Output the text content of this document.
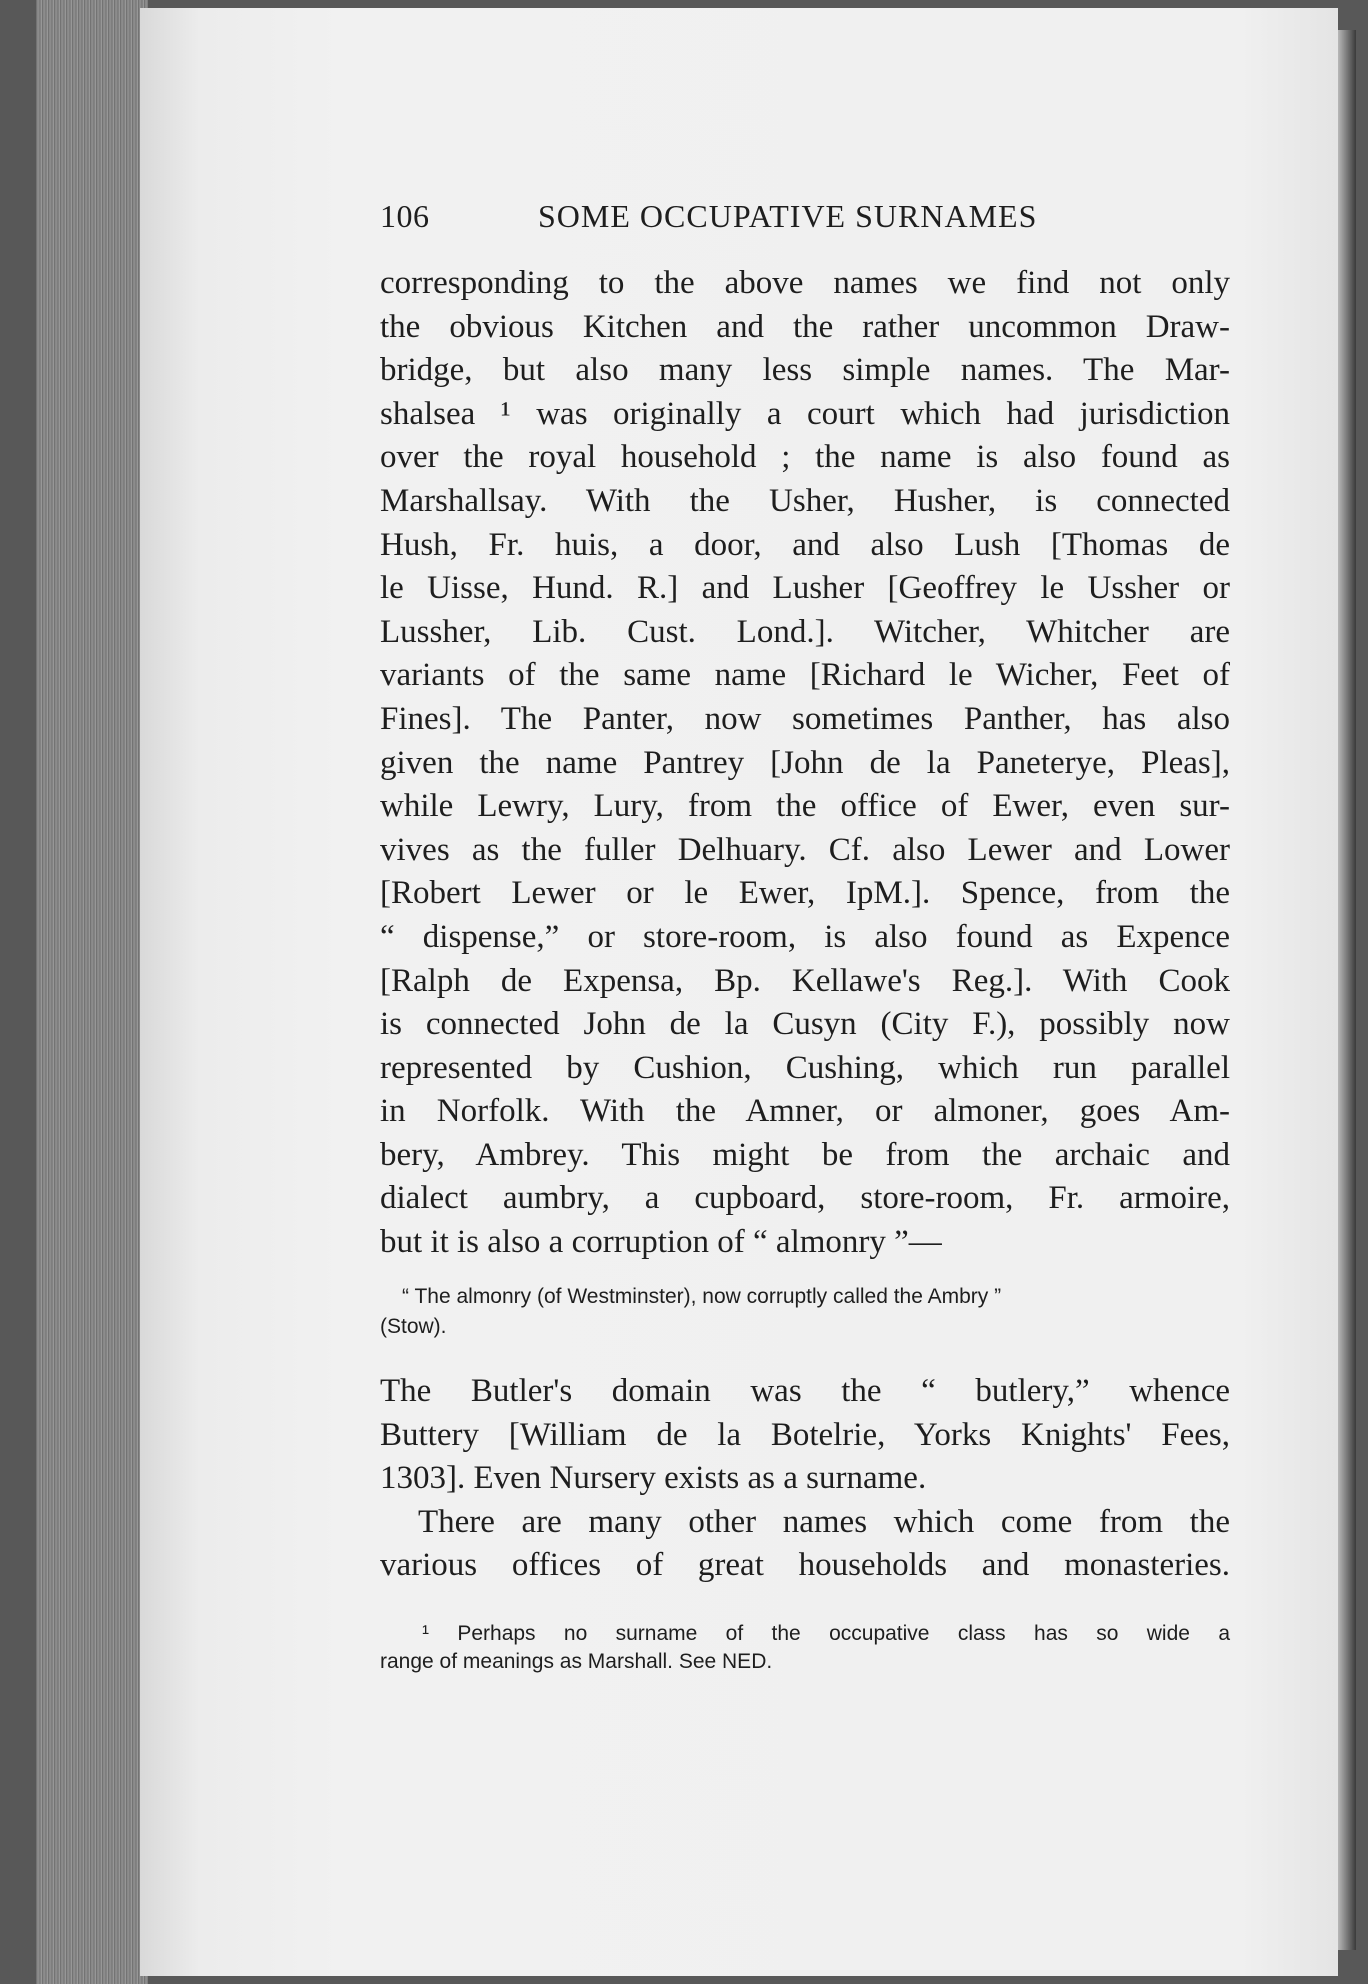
106	SOME OCCUPATIVE SURNAMES
corresponding to the above names we find not only
the obvious Kitchen and the rather uncommon Draw-
bridge, but also many less simple names. The Mar-
shalsea ¹ was originally a court which had jurisdiction
over the royal household ; the name is also found as
Marshallsay. With the Usher, Husher, is connected
Hush, Fr. huis, a door, and also Lush [Thomas de
le Uisse, Hund. R.] and Lusher [Geoffrey le Ussher or
Lussher, Lib. Cust. Lond.]. Witcher, Whitcher are
variants of the same name [Richard le Wicher, Feet of
Fines]. The Panter, now sometimes Panther, has also
given the name Pantrey [John de la Paneterye, Pleas],
while Lewry, Lury, from the office of Ewer, even sur-
vives as the fuller Delhuary. Cf. also Lewer and Lower
[Robert Lewer or le Ewer, IpM.]. Spence, from the
“ dispense,” or store-room, is also found as Expence
[Ralph de Expensa, Bp. Kellawe's Reg.]. With Cook
is connected John de la Cusyn (City F.), possibly now
represented by Cushion, Cushing, which run parallel
in Norfolk. With the Amner, or almoner, goes Am-
bery, Ambrey. This might be from the archaic and
dialect aumbry, a cupboard, store-room, Fr. armoire,
but it is also a corruption of “ almonry ”—
“ The almonry (of Westminster), now corruptly called the Ambry ”
(Stow).
The Butler's domain was the “ butlery,” whence
Buttery [William de la Botelrie, Yorks Knights' Fees,
1303]. Even Nursery exists as a surname.
There are many other names which come from the
various offices of great households and monasteries.
¹ Perhaps no surname of the occupative class has so wide a
range of meanings as Marshall. See NED.
